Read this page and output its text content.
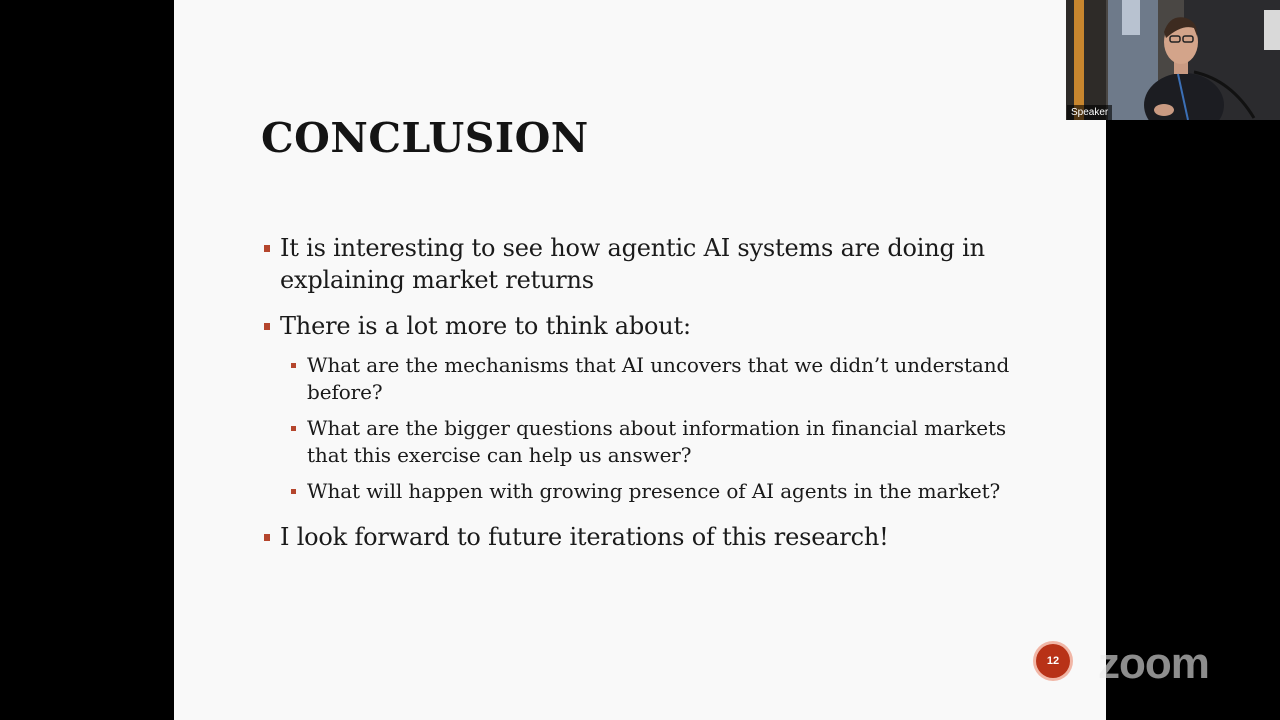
CONCLUSION

It is interesting to see how agentic AI systems are doing in explaining market returns

There is a lot more to think about:

What are the mechanisms that AI uncovers that we didn’t understand before?

What are the bigger questions about information in financial markets that this exercise can help us answer?

What will happen with growing presence of AI agents in the market?

I look forward to future iterations of this research!

12 zoom
Speaker
